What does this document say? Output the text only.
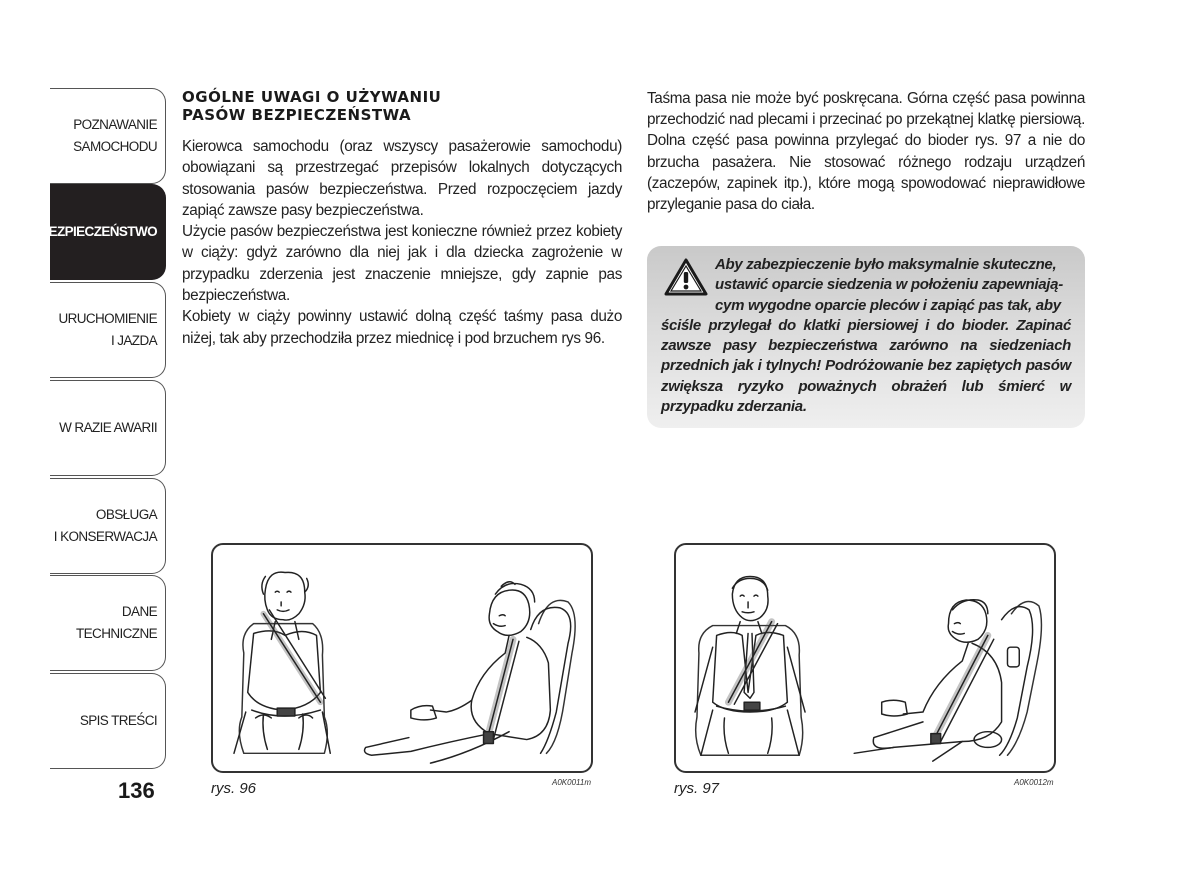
POZNAWANIE
SAMOCHODU
BEZPIECZEŃSTWO
URUCHOMIENIE
I JAZDA
W RAZIE AWARII
OBSŁUGA
I KONSERWACJA
DANE
TECHNICZNE
SPIS TREŚCI
136
OGÓLNE UWAGI O UŻYWANIU
PASÓW BEZPIECZEŃSTWA

Kierowca samochodu (oraz wszyscy pasażerowie samochodu) obowiązani są przestrzegać przepisów lokalnych dotyczących stosowania pasów bezpieczeństwa. Przed rozpoczęciem jazdy zapiąć zawsze pasy bezpieczeństwa.

Użycie pasów bezpieczeństwa jest konieczne również przez kobiety w ciąży: gdyż zarówno dla niej jak i dla dziecka zagrożenie w przypadku zderzenia jest znaczenie mniejsze, gdy zapnie pas bezpieczeństwa.

Kobiety w ciąży powinny ustawić dolną część taśmy pasa dużo niżej, tak aby przechodziła przez miednicę i pod brzuchem rys 96.

Taśma pasa nie może być poskręcana. Górna część pasa powinna przechodzić nad plecami i przecinać po przekątnej klatkę piersiową. Dolna część pasa powinna przylegać do bioder rys. 97 a nie do brzucha pasażera. Nie stosować różnego rodzaju urządzeń (zaczepów, zapinek itp.), które mogą spowodować nieprawidłowe przyleganie pasa do ciała.

Aby zabezpieczenie było maksymalnie skuteczne,
ustawić oparcie siedzenia w położeniu zapewniają-
cym wygodne oparcie pleców i zapiąć pas tak, aby
ściśle przylegał do klatki piersiowej i do bioder. Zapinać zawsze pasy bezpieczeństwa zarówno na siedzeniach przednich jak i tylnych! Podróżowanie bez zapiętych pasów zwiększa ryzyko poważnych obrażeń lub śmierć w przypadku zderzania.
rys. 96	A0K0011m	rys. 97	A0K0012m
